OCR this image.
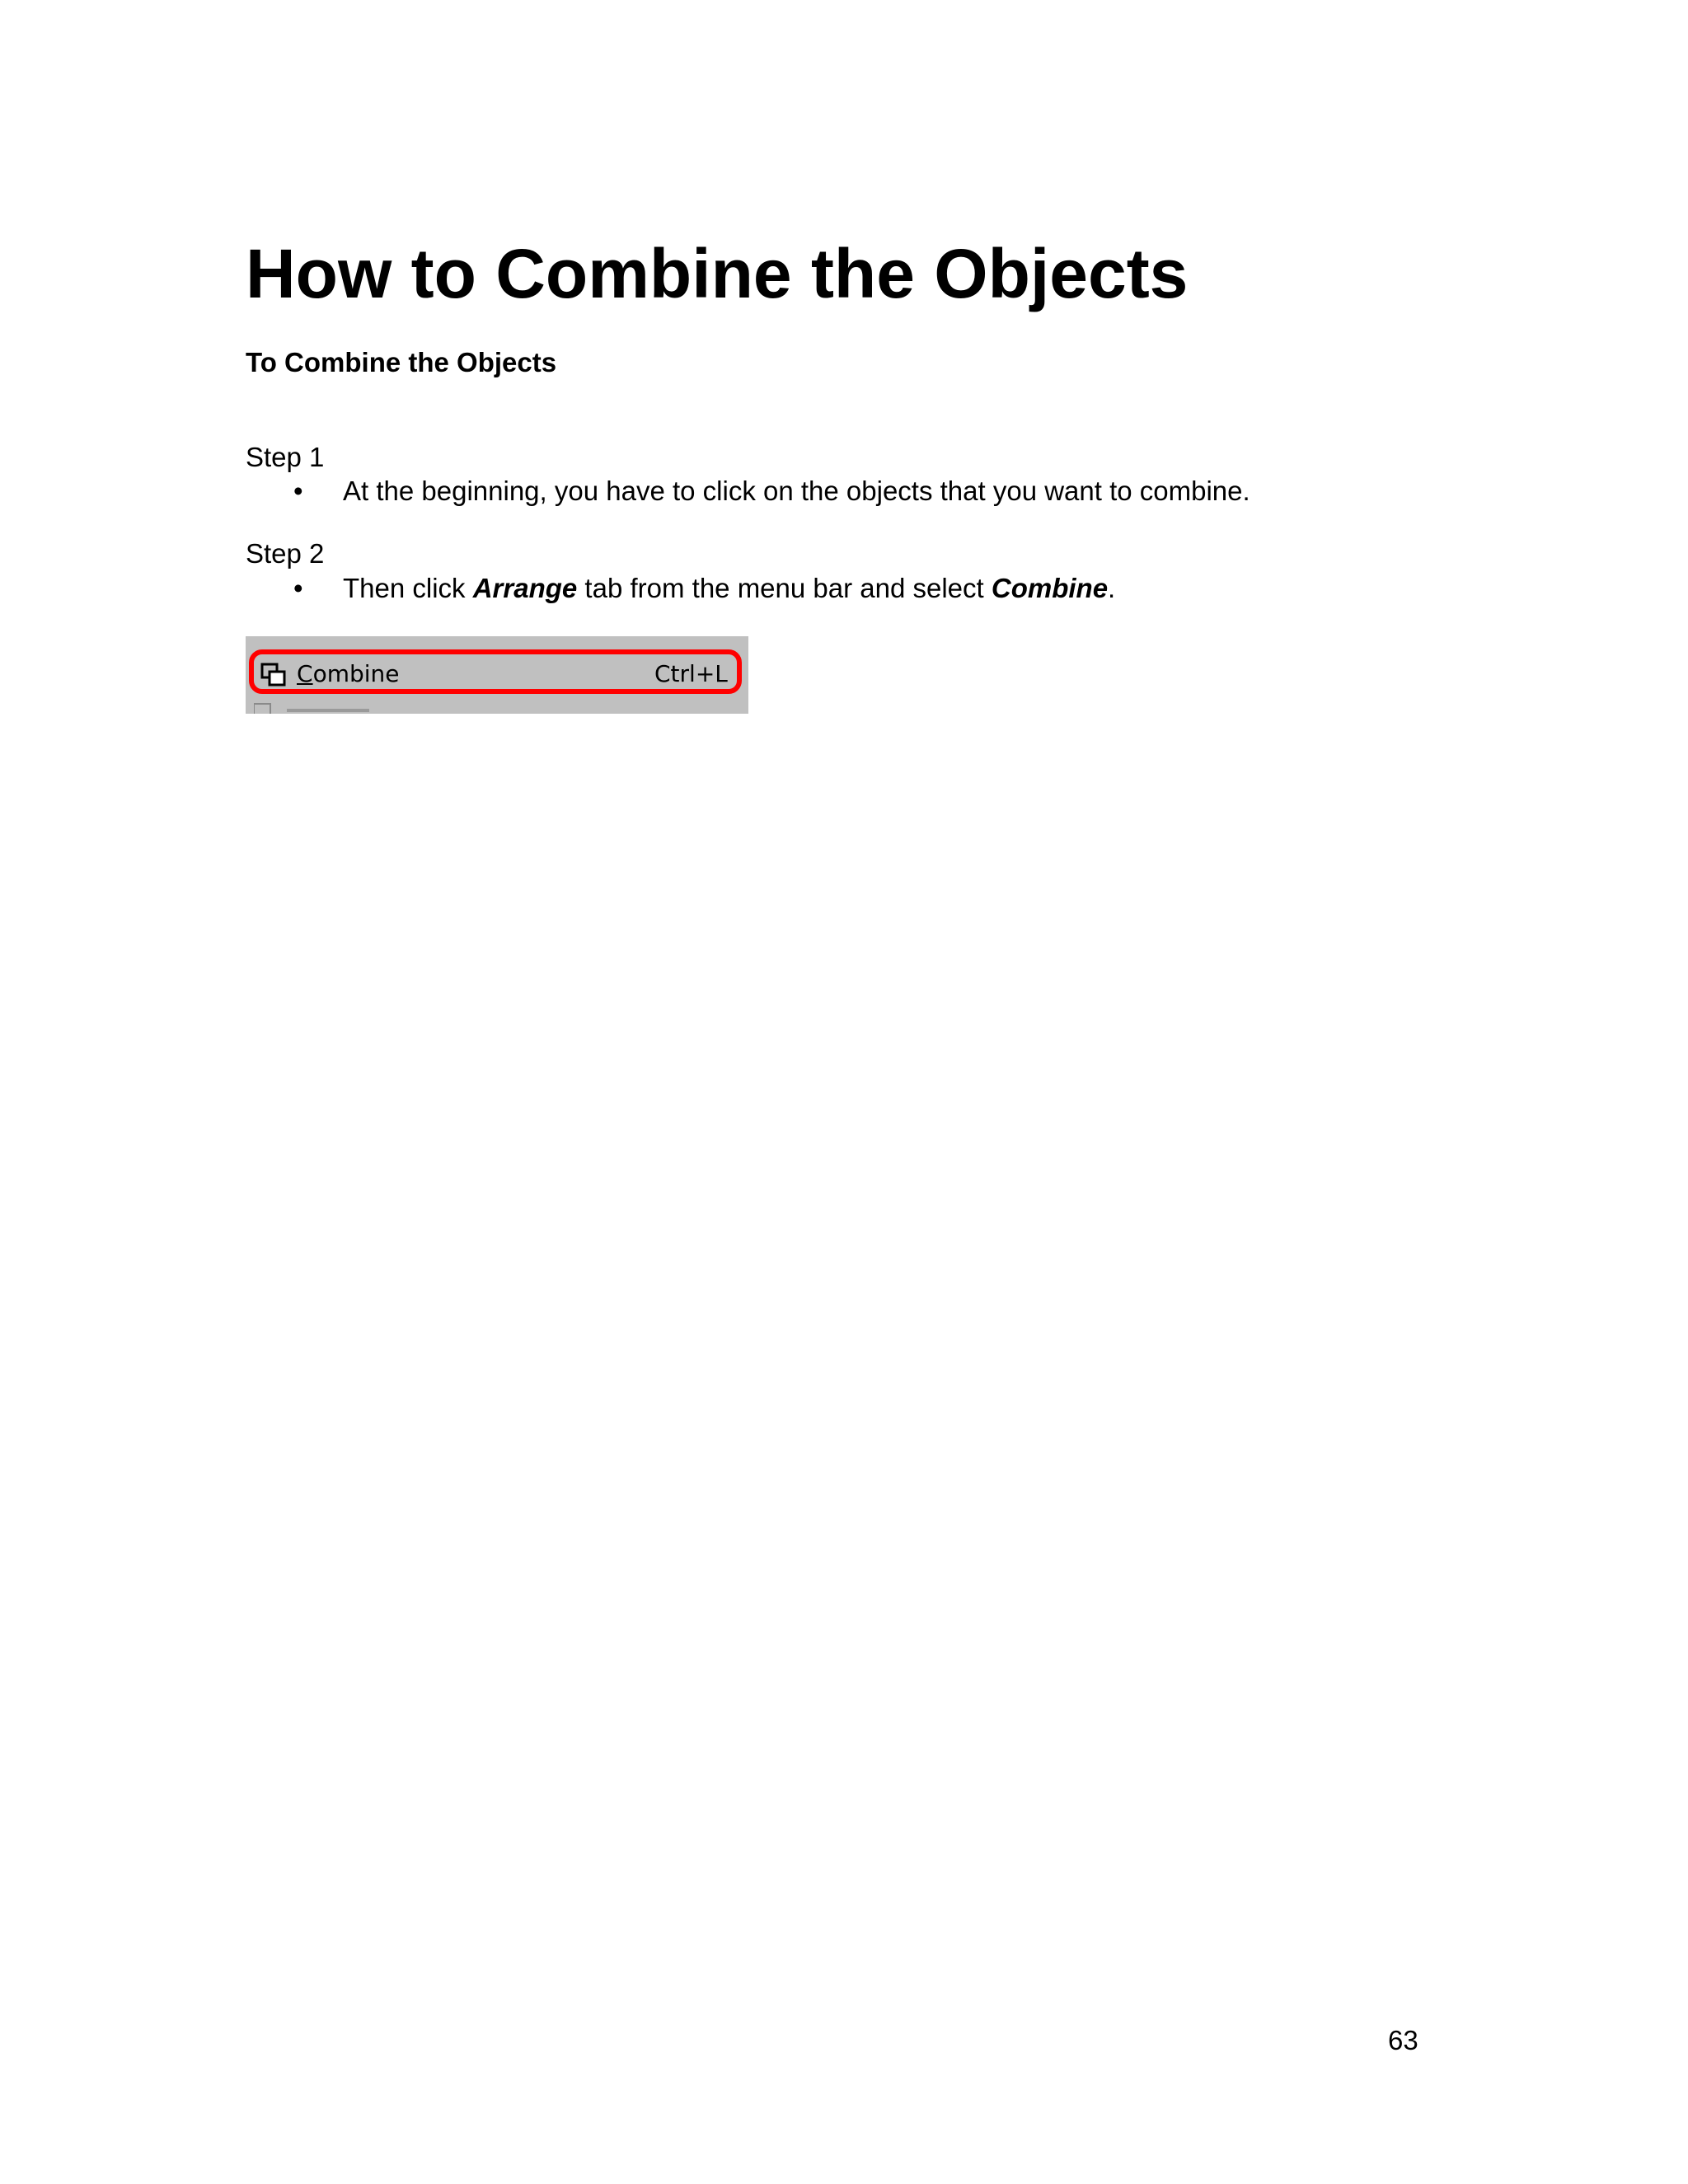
How to Combine the Objects
To Combine the Objects

Step 1

• At the beginning, you have to click on the objects that you want to combine.

Step 2

• Then click Arrange tab from the menu bar and select Combine.

Combine	Ctrl+L

63
